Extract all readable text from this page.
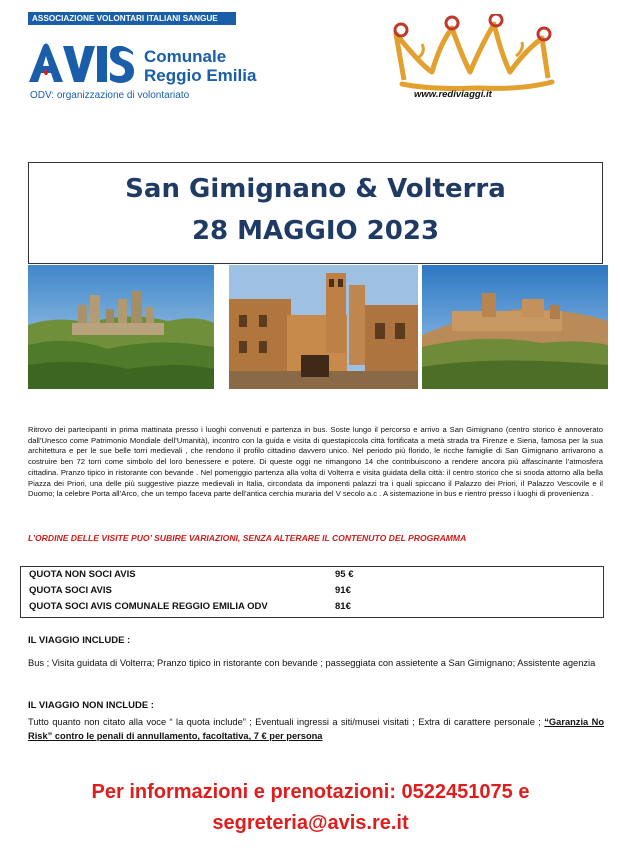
ASSOCIAZIONE VOLONTARI ITALIANI SANGUE
Comunale
Reggio Emilia
ODV: organizzazione di volontariato	www.rediviaggi.it
San Gimignano & Volterra
28 MAGGIO 2023
Ritrovo dei partecipanti in prima mattinata presso i luoghi convenuti e partenza in bus. Soste lungo il percorso e arrivo a San Gimignano (centro storico è annoverato dall’Unesco come Patrimonio Mondiale dell’Umanità), incontro con la guida e visita di questapiccola città fortificata a metà strada tra Firenze e Siena, famosa per la sua architettura e per le sue belle torri medievali , che rendono il profilo cittadino davvero unico. Nel periodo più florido, le ricche famiglie di San Gimignano arrivarono a costruire ben 72 torri come simbolo del loro benessere e potere. Di queste oggi ne rimangono 14 che contribuiscono a rendere ancora più affascinante l’atmosfera cittadina. Pranzo tipico in ristorante con bevande . Nel pomeriggio partenza alla volta di Volterra e visita guidata della città: il centro storico che si snoda attorno alla bella Piazza dei Priori, una delle più suggestive piazze medievali in Italia, circondata da imponenti palazzi tra i quali spiccano il Palazzo dei Priori, il Palazzo Vescovile e il Duomo; la celebre Porta all’Arco, che un tempo faceva parte dell’antica cerchia muraria del V secolo a.c . A sistemazione in bus e rientro presso i luoghi di provenienza .
L’ORDINE DELLE VISITE PUO’ SUBIRE VARIAZIONI, SENZA ALTERARE IL CONTENUTO DEL PROGRAMMA
QUOTA NON SOCI AVIS	95 €
QUOTA SOCI AVIS	91€
QUOTA SOCI AVIS COMUNALE REGGIO EMILIA ODV	81€
IL VIAGGIO INCLUDE :
Bus ; Visita guidata di Volterra; Pranzo tipico in ristorante con bevande ; passeggiata con assietente a San Gimignano; Assistente agenzia
IL VIAGGIO NON INCLUDE :
Tutto quanto non citato alla voce “ la quota include” ; Eventuali ingressi a siti/musei visitati ; Extra di carattere personale ; “Garanzia No Risk” contro le penali di annullamento, facoltativa, 7 € per persona
Per informazioni e prenotazioni: 0522451075 e
segreteria@avis.re.it
